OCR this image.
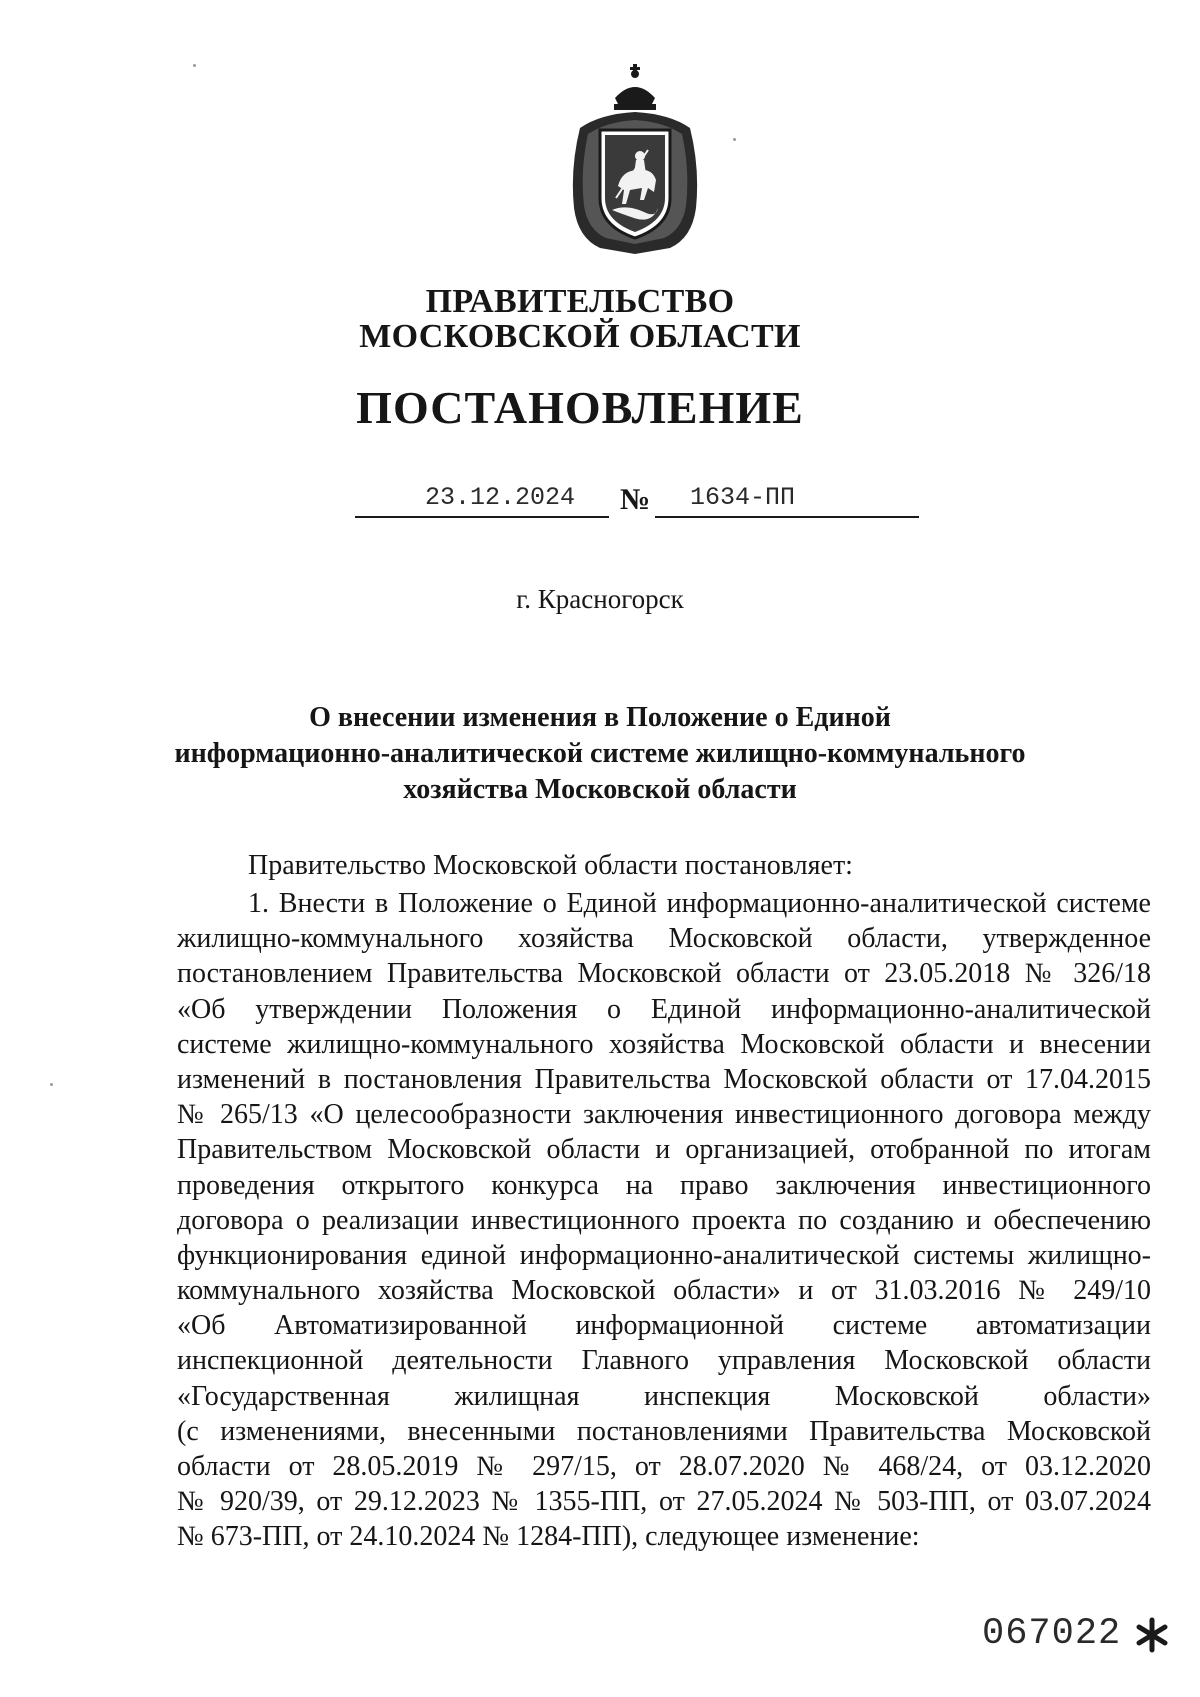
ПРАВИТЕЛЬСТВО
МОСКОВСКОЙ ОБЛАСТИ
ПОСТАНОВЛЕНИЕ
23.12.2024 № 1634-ПП
г. Красногорск
О внесении изменения в Положение о Единой
информационно-аналитической системе жилищно-коммунального
хозяйства Московской области
Правительство Московской области постановляет:
1. Внести в Положение о Единой информационно-аналитической системе
жилищно-коммунального хозяйства Московской области, утвержденное
постановлением Правительства Московской области от 23.05.2018 № 326/18
«Об утверждении Положения о Единой информационно-аналитической
системе жилищно-коммунального хозяйства Московской области и внесении
изменений в постановления Правительства Московской области от 17.04.2015
№ 265/13 «О целесообразности заключения инвестиционного договора между
Правительством Московской области и организацией, отобранной по итогам
проведения открытого конкурса на право заключения инвестиционного
договора о реализации инвестиционного проекта по созданию и обеспечению
функционирования единой информационно-аналитической системы жилищно-
коммунального хозяйства Московской области» и от 31.03.2016 № 249/10
«Об Автоматизированной информационной системе автоматизации
инспекционной деятельности Главного управления Московской области
«Государственная жилищная инспекция Московской области»
(с изменениями, внесенными постановлениями Правительства Московской
области от 28.05.2019 № 297/15, от 28.07.2020 № 468/24, от 03.12.2020
№ 920/39, от 29.12.2023 № 1355-ПП, от 27.05.2024 № 503-ПП, от 03.07.2024
№ 673-ПП, от 24.10.2024 № 1284-ПП), следующее изменение:
067022
